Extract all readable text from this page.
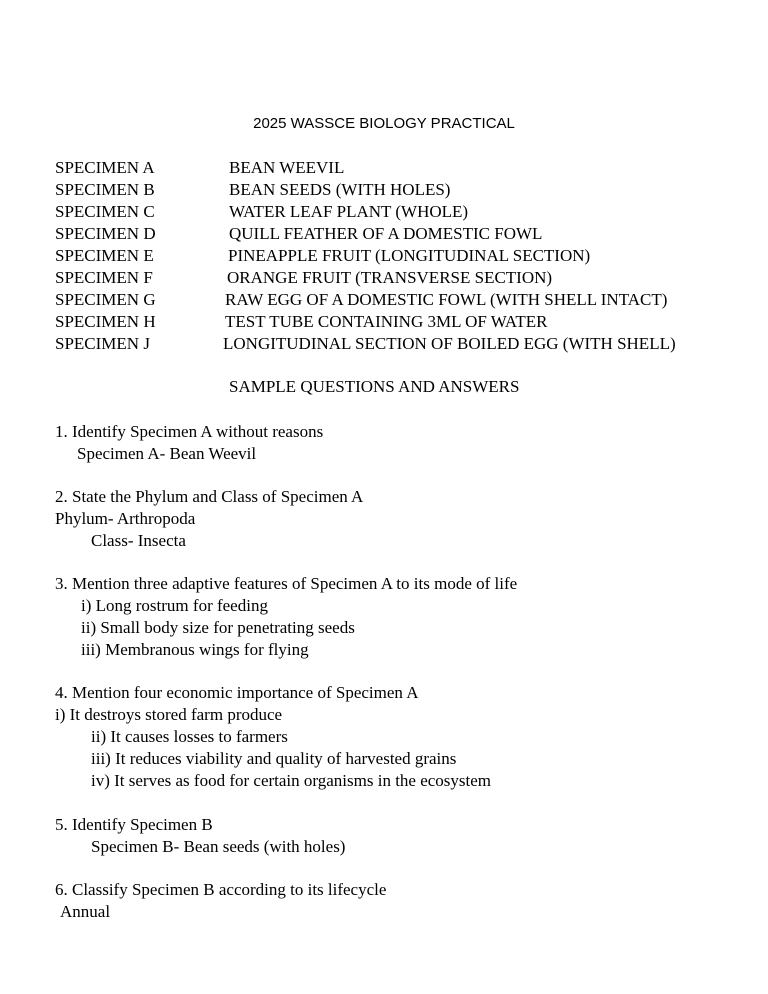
2025 WASSCE BIOLOGY PRACTICAL
SPECIMEN A	BEAN WEEVIL
SPECIMEN B	BEAN SEEDS (WITH HOLES)
SPECIMEN C	WATER LEAF PLANT (WHOLE)
SPECIMEN D	QUILL FEATHER OF A DOMESTIC FOWL
SPECIMEN E	PINEAPPLE FRUIT (LONGITUDINAL SECTION)
SPECIMEN F	ORANGE FRUIT (TRANSVERSE SECTION)
SPECIMEN G	RAW EGG OF A DOMESTIC FOWL (WITH SHELL INTACT)
SPECIMEN H	TEST TUBE CONTAINING 3ML OF WATER
SPECIMEN J	LONGITUDINAL SECTION OF BOILED EGG (WITH SHELL)
SAMPLE QUESTIONS AND ANSWERS
1. Identify Specimen A without reasons
Specimen A- Bean Weevil
2. State the Phylum and Class of Specimen A
Phylum- Arthropoda
Class- Insecta
3. Mention three adaptive features of Specimen A to its mode of life
i) Long rostrum for feeding
ii) Small body size for penetrating seeds
iii) Membranous wings for flying
4. Mention four economic importance of Specimen A
i) It destroys stored farm produce
ii) It causes losses to farmers
iii) It reduces viability and quality of harvested grains
iv) It serves as food for certain organisms in the ecosystem
5. Identify Specimen B
Specimen B- Bean seeds (with holes)
6. Classify Specimen B according to its lifecycle
Annual
